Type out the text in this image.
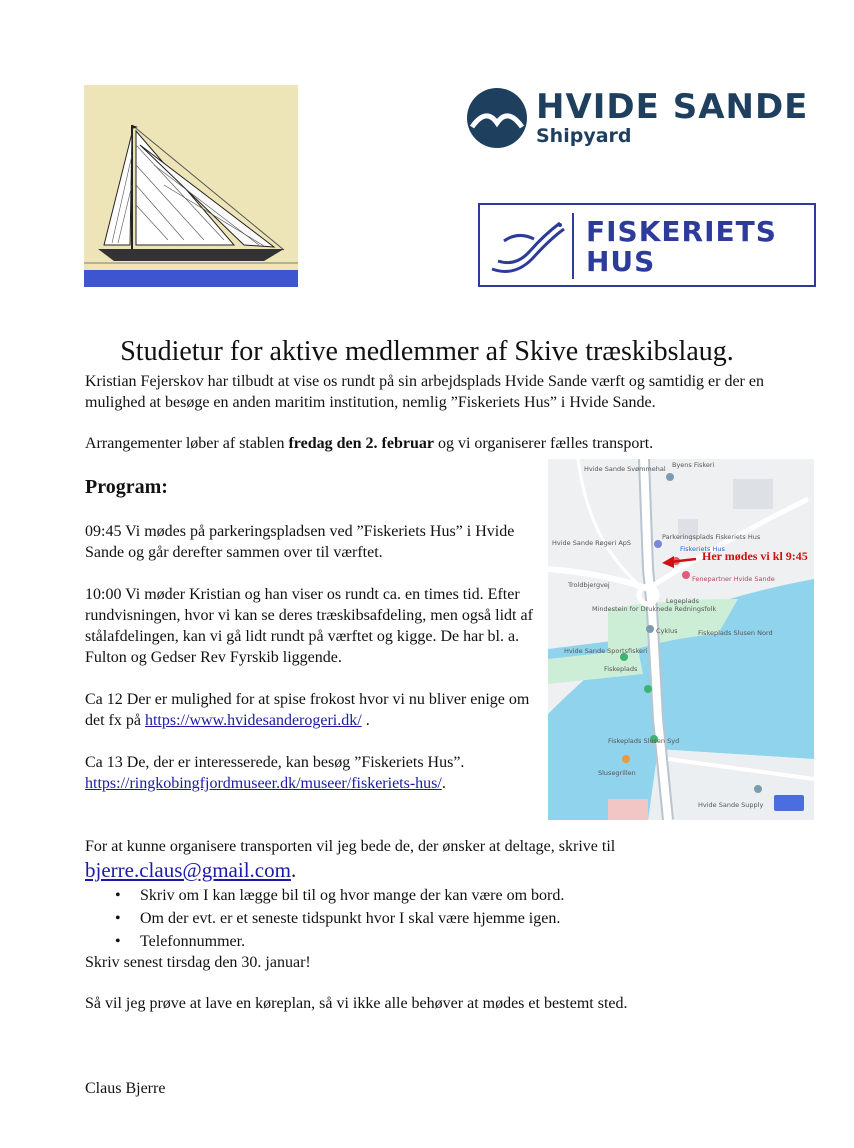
HVIDE SANDE
Shipyard
FISKERIETS
HUS
Studietur for aktive medlemmer af Skive træskibslaug.
Kristian Fejerskov har tilbudt at vise os rundt på sin arbejdsplads Hvide Sande værft og samtidig er der en mulighed at besøge en anden maritim institution, nemlig ”Fiskeriets Hus” i Hvide Sande.
Arrangementer løber af stablen fredag den 2. februar og vi organiserer fælles transport.
Program:
09:45 Vi mødes på parkeringspladsen ved ”Fiskeriets Hus” i Hvide Sande og går derefter sammen over til værftet.
10:00 Vi møder Kristian og han viser os rundt ca. en times tid. Efter rundvisningen, hvor vi kan se deres træskibsafdeling, men også lidt af stålafdelingen, kan vi gå lidt rundt på værftet og kigge. De har bl. a. Fulton og Gedser Rev Fyrskib liggende.
Ca 12 Der er mulighed for at spise frokost hvor vi nu bliver enige om det fx på https://www.hvidesanderogeri.dk/ .
Ca 13 De, der er interesseredе, kan besøg ”Fiskeriets Hus”.
https://ringkobingfjordmuseer.dk/museer/fiskeriets-hus/.
Hvide Sande Svømmehal Byens Fiskeri
Parkeringsplads Fiskeriets Hus
Fiskeriets Hus
Hvide Sande Røgeri ApS
Fenepartner Hvide Sande
Troldbjergvej
Legeplads
Mindestein for Druknede Redningsfolk
Cyklus
Hvide Sande Sportsfiskeri
Fiskeplads
Fiskeplads Slusen Nord
Fiskeplads Slusen Syd
Slusegrillen
Hvide Sande Supply
Her mødes vi kl 9:45
For at kunne organisere transporten vil jeg bede de, der ønsker at deltage, skrive til
bjerre.claus@gmail.com.
• Skriv om I kan lægge bil til og hvor mange der kan være om bord.
• Om der evt. er et seneste tidspunkt hvor I skal være hjemme igen.
• Telefonnummer.
Skriv senest tirsdag den 30. januar!
Så vil jeg prøve at lave en køreplan, så vi ikke alle behøver at mødes et bestemt sted.
Claus Bjerre
